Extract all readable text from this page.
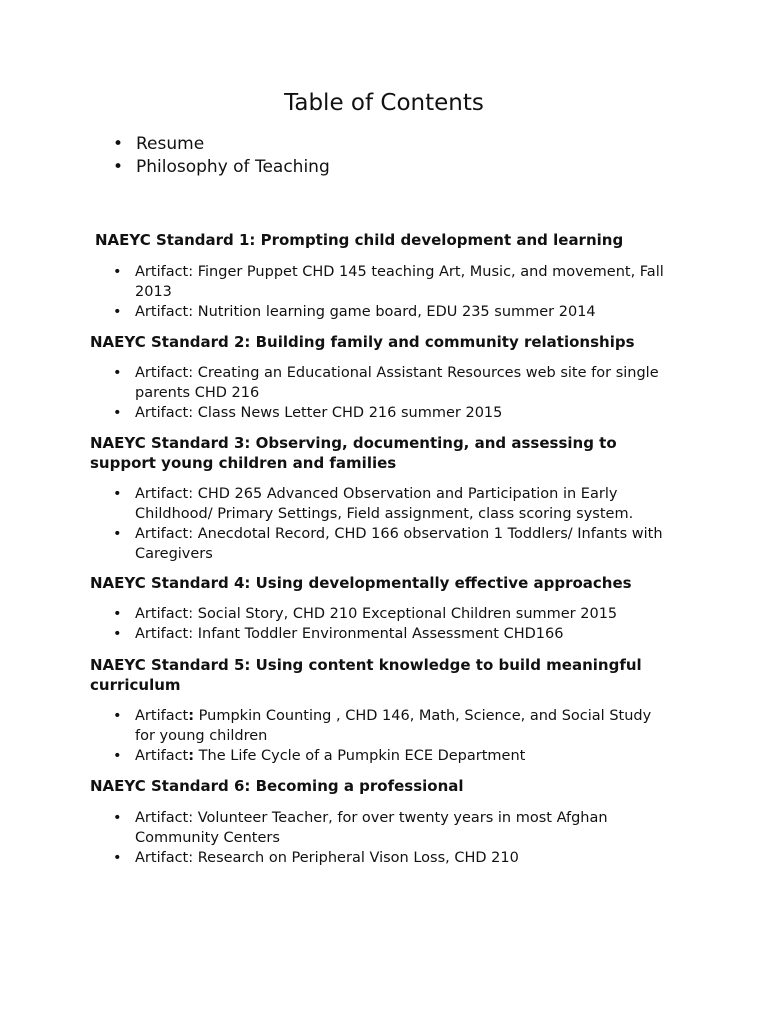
Table of Contents
• Resume
• Philosophy of Teaching

NAEYC Standard 1: Prompting child development and learning

• Artifact: Finger Puppet CHD 145 teaching Art, Music, and movement, Fall 2013
• Artifact: Nutrition learning game board, EDU 235 summer 2014

NAEYC Standard 2: Building family and community relationships

• Artifact: Creating an Educational Assistant Resources web site for single parents CHD 216
• Artifact: Class News Letter CHD 216 summer 2015

NAEYC Standard 3: Observing, documenting, and assessing to support young children and families

• Artifact: CHD 265 Advanced Observation and Participation in Early Childhood/ Primary Settings, Field assignment, class scoring system.
• Artifact: Anecdotal Record, CHD 166 observation 1 Toddlers/ Infants with Caregivers

NAEYC Standard 4: Using developmentally effective approaches

• Artifact: Social Story, CHD 210 Exceptional Children summer 2015
• Artifact: Infant Toddler Environmental Assessment CHD166

NAEYC Standard 5: Using content knowledge to build meaningful curriculum

• Artifact: Pumpkin Counting , CHD 146, Math, Science, and Social Study for young children
• Artifact: The Life Cycle of a Pumpkin ECE Department

NAEYC Standard 6: Becoming a professional

• Artifact: Volunteer Teacher, for over twenty years in most Afghan Community Centers
• Artifact: Research on Peripheral Vison Loss, CHD 210
